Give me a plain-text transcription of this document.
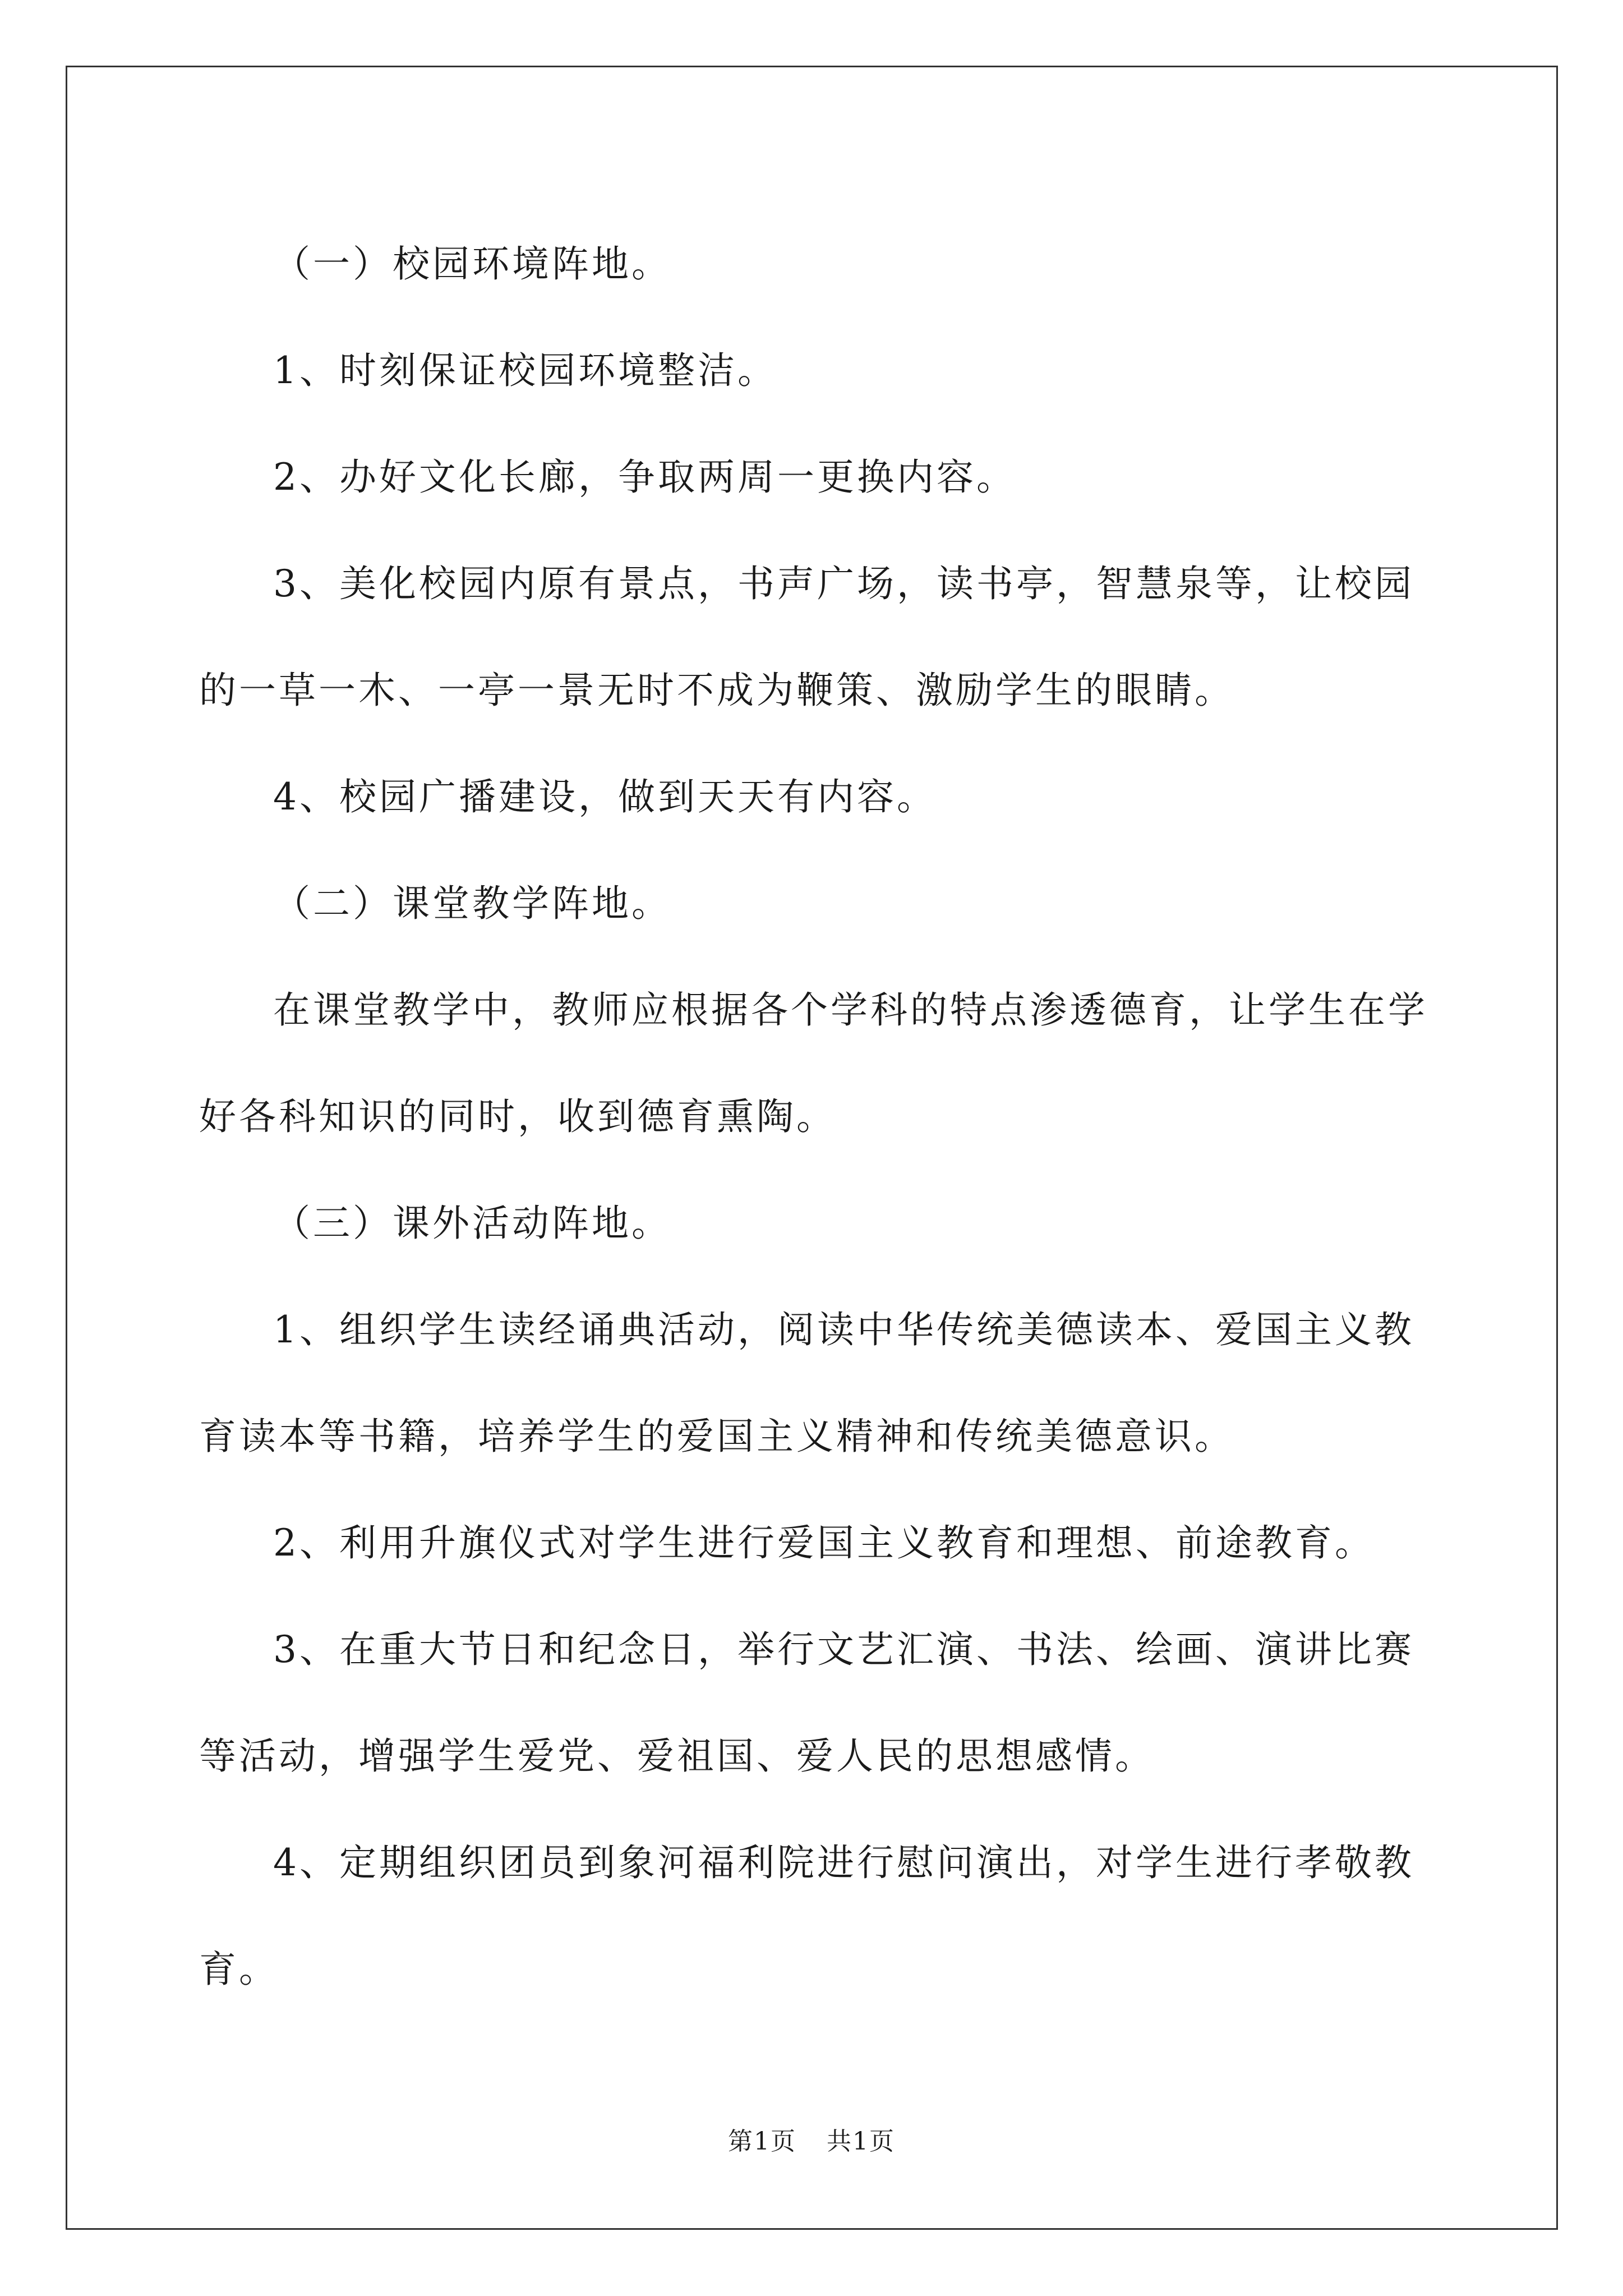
（一）校园环境阵地。

1、时刻保证校园环境整洁。

2、办好文化长廊，争取两周一更换内容。

3、美化校园内原有景点，书声广场，读书亭，智慧泉等，让校园的一草一木、一亭一景无时不成为鞭策、激励学生的眼睛。

4、校园广播建设，做到天天有内容。

（二）课堂教学阵地。

在课堂教学中，教师应根据各个学科的特点渗透德育，让学生在学好各科知识的同时，收到德育熏陶。

（三）课外活动阵地。

1、组织学生读经诵典活动，阅读中华传统美德读本、爱国主义教育读本等书籍，培养学生的爱国主义精神和传统美德意识。

2、利用升旗仪式对学生进行爱国主义教育和理想、前途教育。

3、在重大节日和纪念日，举行文艺汇演、书法、绘画、演讲比赛等活动，增强学生爱党、爱祖国、爱人民的思想感情。

4、定期组织团员到象河福利院进行慰问演出，对学生进行孝敬教育。

第1页 共1页
